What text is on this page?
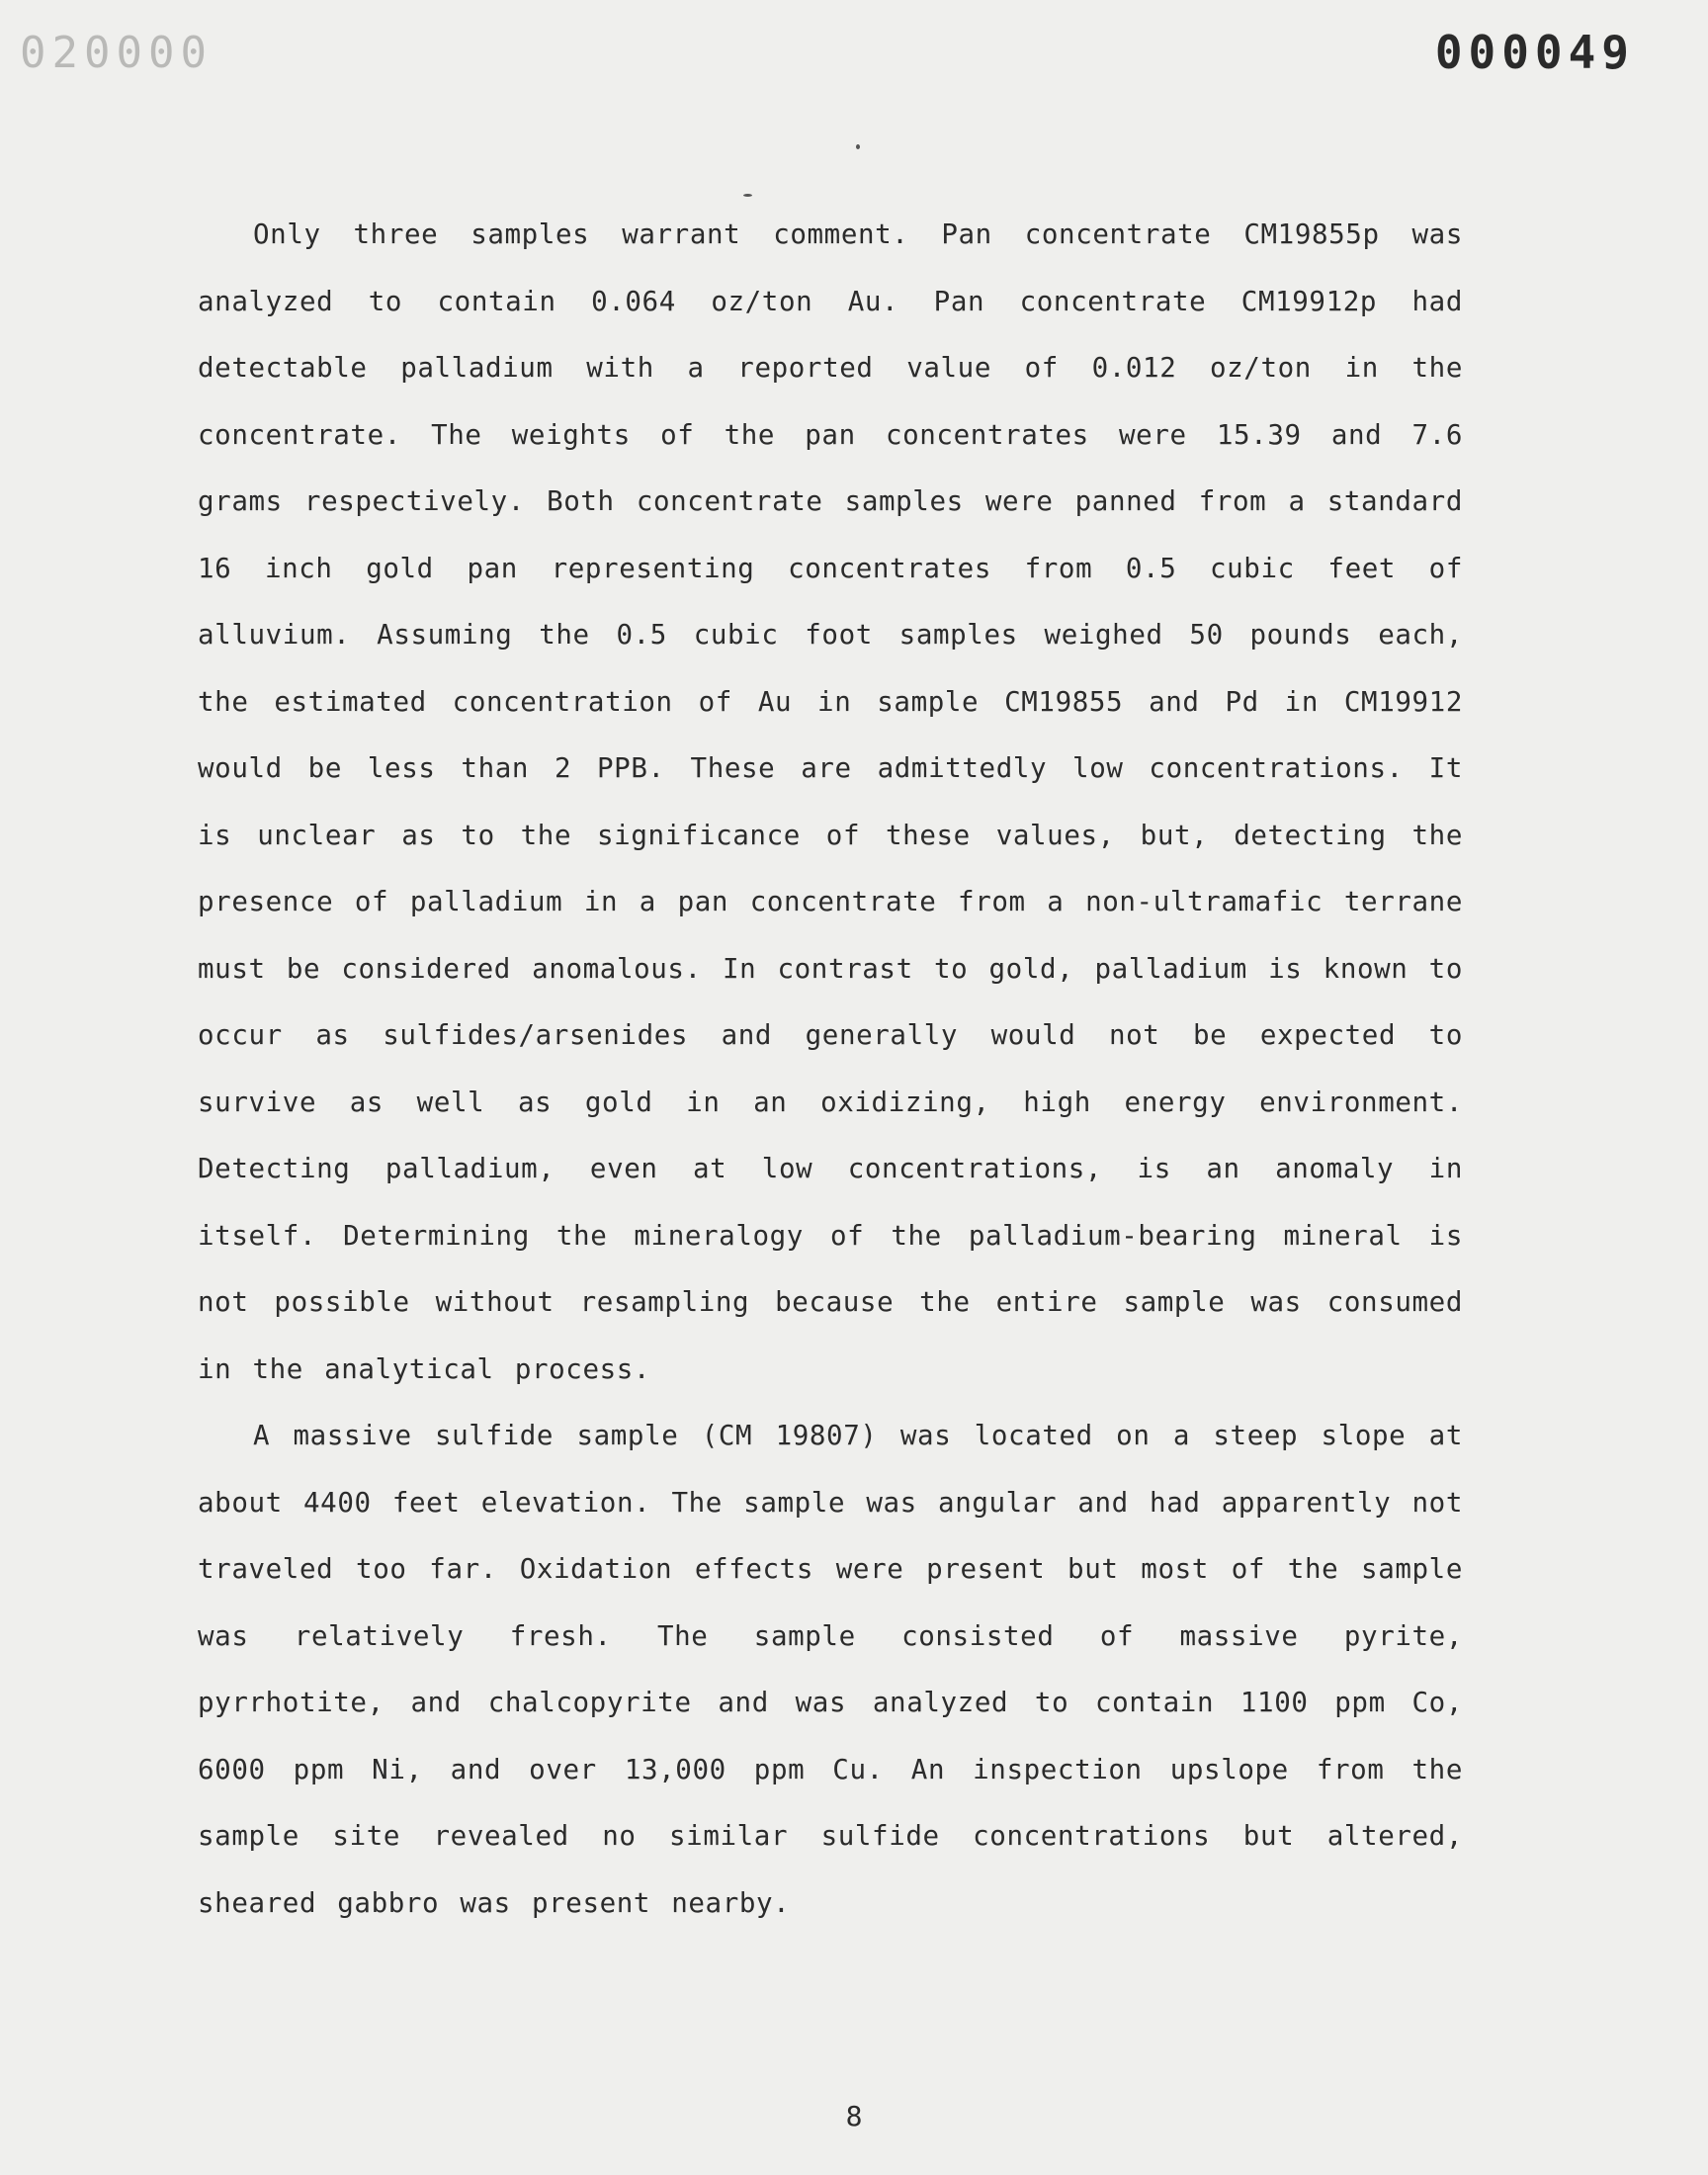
020000	000049

Only three samples warrant comment. Pan concentrate CM19855p was analyzed to contain 0.064 oz/ton Au. Pan concentrate CM19912p had detectable palladium with a reported value of 0.012 oz/ton in the concentrate. The weights of the pan concentrates were 15.39 and 7.6 grams respectively. Both concentrate samples were panned from a standard 16 inch gold pan representing concentrates from 0.5 cubic feet of alluvium. Assuming the 0.5 cubic foot samples weighed 50 pounds each, the estimated concentration of Au in sample CM19855 and Pd in CM19912 would be less than 2 PPB. These are admittedly low concentrations. It is unclear as to the significance of these values, but, detecting the presence of palladium in a pan concentrate from a non-ultramafic terrane must be considered anomalous. In contrast to gold, palladium is known to occur as sulfides/arsenides and generally would not be expected to survive as well as gold in an oxidizing, high energy environment. Detecting palladium, even at low concentrations, is an anomaly in itself. Determining the mineralogy of the palladium-bearing mineral is not possible without resampling because the entire sample was consumed in the analytical process.

A massive sulfide sample (CM 19807) was located on a steep slope at about 4400 feet elevation. The sample was angular and had apparently not traveled too far. Oxidation effects were present but most of the sample was relatively fresh. The sample consisted of massive pyrite, pyrrhotite, and chalcopyrite and was analyzed to contain 1100 ppm Co, 6000 ppm Ni, and over 13,000 ppm Cu. An inspection upslope from the sample site revealed no similar sulfide concentrations but altered, sheared gabbro was present nearby.

8
